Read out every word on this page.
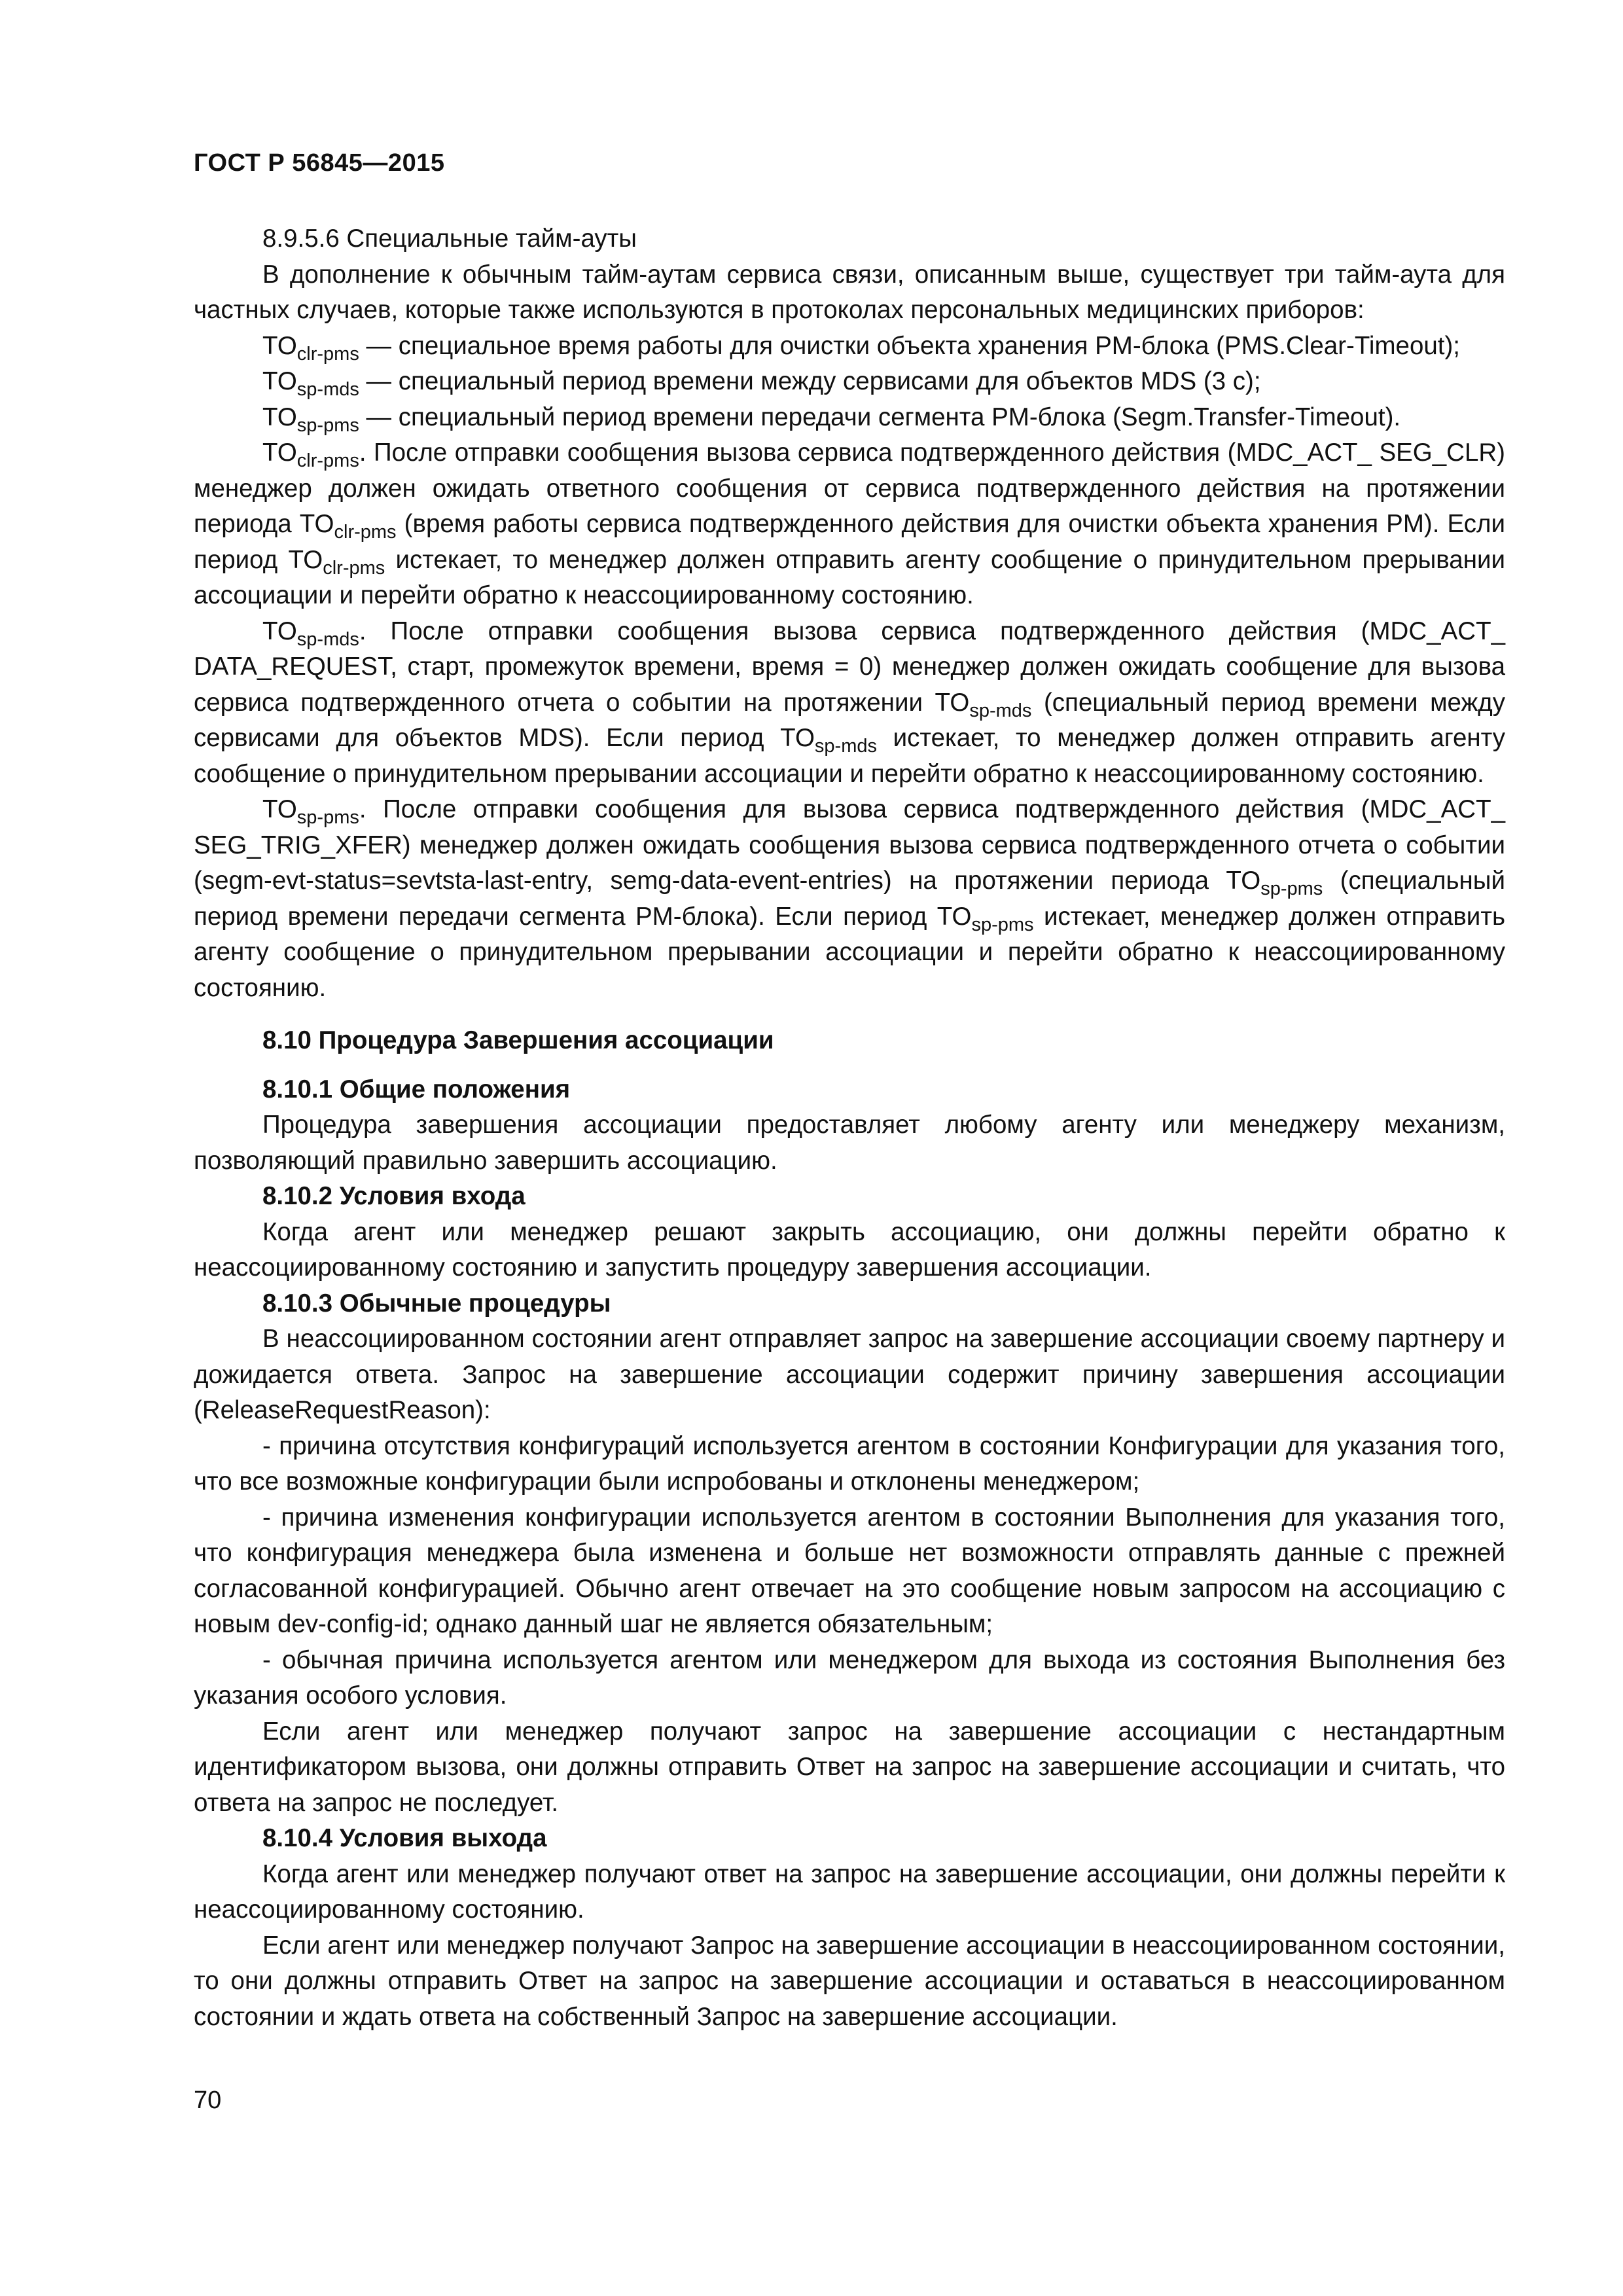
ГОСТ Р 56845—2015

8.9.5.6 Специальные тайм-ауты

В дополнение к обычным тайм-аутам сервиса связи, описанным выше, существует три тайм-аута для частных случаев, которые также используются в протоколах персональных медицинских приборов:

$TO_{clr-pms}$ — специальное время работы для очистки объекта хранения PM-блока (PMS.Clear-Timeout);

$TO_{sp-mds}$ — специальный период времени между сервисами для объектов MDS (3 с);

$TO_{sp-pms}$ — специальный период времени передачи сегмента PM-блока (Segm.Transfer-Timeout).

$TO_{clr-pms}$. После отправки сообщения вызова сервиса подтвержденного действия (MDC_ACT_ SEG_CLR) менеджер должен ожидать ответного сообщения от сервиса подтвержденного действия на протяжении периода $TO_{clr-pms}$ (время работы сервиса подтвержденного действия для очистки объекта хранения PM). Если период $TO_{clr-pms}$ истекает, то менеджер должен отправить агенту сообщение о принудительном прерывании ассоциации и перейти обратно к неассоциированному состоянию.

$TO_{sp-mds}$. После отправки сообщения вызова сервиса подтвержденного действия (MDC_ACT_ DATA_REQUEST, старт, промежуток времени, время = 0) менеджер должен ожидать сообщение для вызова сервиса подтвержденного отчета о событии на протяжении $TO_{sp-mds}$ (специальный период времени между сервисами для объектов MDS). Если период $TO_{sp-mds}$ истекает, то менеджер должен отправить агенту сообщение о принудительном прерывании ассоциации и перейти обратно к неассоциированному состоянию.

$TO_{sp-pms}$. После отправки сообщения для вызова сервиса подтвержденного действия (MDC_ACT_ SEG_TRIG_XFER) менеджер должен ожидать сообщения вызова сервиса подтвержденного отчета о событии (segm-evt-status=sevtsta-last-entry, semg-data-event-entries) на протяжении периода $TO_{sp-pms}$ (специальный период времени передачи сегмента PM-блока). Если период $TO_{sp-pms}$ истекает, менеджер должен отправить агенту сообщение о принудительном прерывании ассоциации и перейти обратно к неассоциированному состоянию.

8.10 Процедура Завершения ассоциации
8.10.1 Общие положения

Процедура завершения ассоциации предоставляет любому агенту или менеджеру механизм, позволяющий правильно завершить ассоциацию.

8.10.2 Условия входа

Когда агент или менеджер решают закрыть ассоциацию, они должны перейти обратно к неассоциированному состоянию и запустить процедуру завершения ассоциации.

8.10.3 Обычные процедуры

В неассоциированном состоянии агент отправляет запрос на завершение ассоциации своему партнеру и дожидается ответа. Запрос на завершение ассоциации содержит причину завершения ассоциации (ReleaseRequestReason):

- причина отсутствия конфигураций используется агентом в состоянии Конфигурации для указания того, что все возможные конфигурации были испробованы и отклонены менеджером;

- причина изменения конфигурации используется агентом в состоянии Выполнения для указания того, что конфигурация менеджера была изменена и больше нет возможности отправлять данные с прежней согласованной конфигурацией. Обычно агент отвечает на это сообщение новым запросом на ассоциацию с новым dev-config-id; однако данный шаг не является обязательным;

- обычная причина используется агентом или менеджером для выхода из состояния Выполнения без указания особого условия.

Если агент или менеджер получают запрос на завершение ассоциации с нестандартным идентификатором вызова, они должны отправить Ответ на запрос на завершение ассоциации и считать, что ответа на запрос не последует.

8.10.4 Условия выхода

Когда агент или менеджер получают ответ на запрос на завершение ассоциации, они должны перейти к неассоциированному состоянию.

Если агент или менеджер получают Запрос на завершение ассоциации в неассоциированном состоянии, то они должны отправить Ответ на запрос на завершение ассоциации и оставаться в неассоциированном состоянии и ждать ответа на собственный Запрос на завершение ассоциации.

70
